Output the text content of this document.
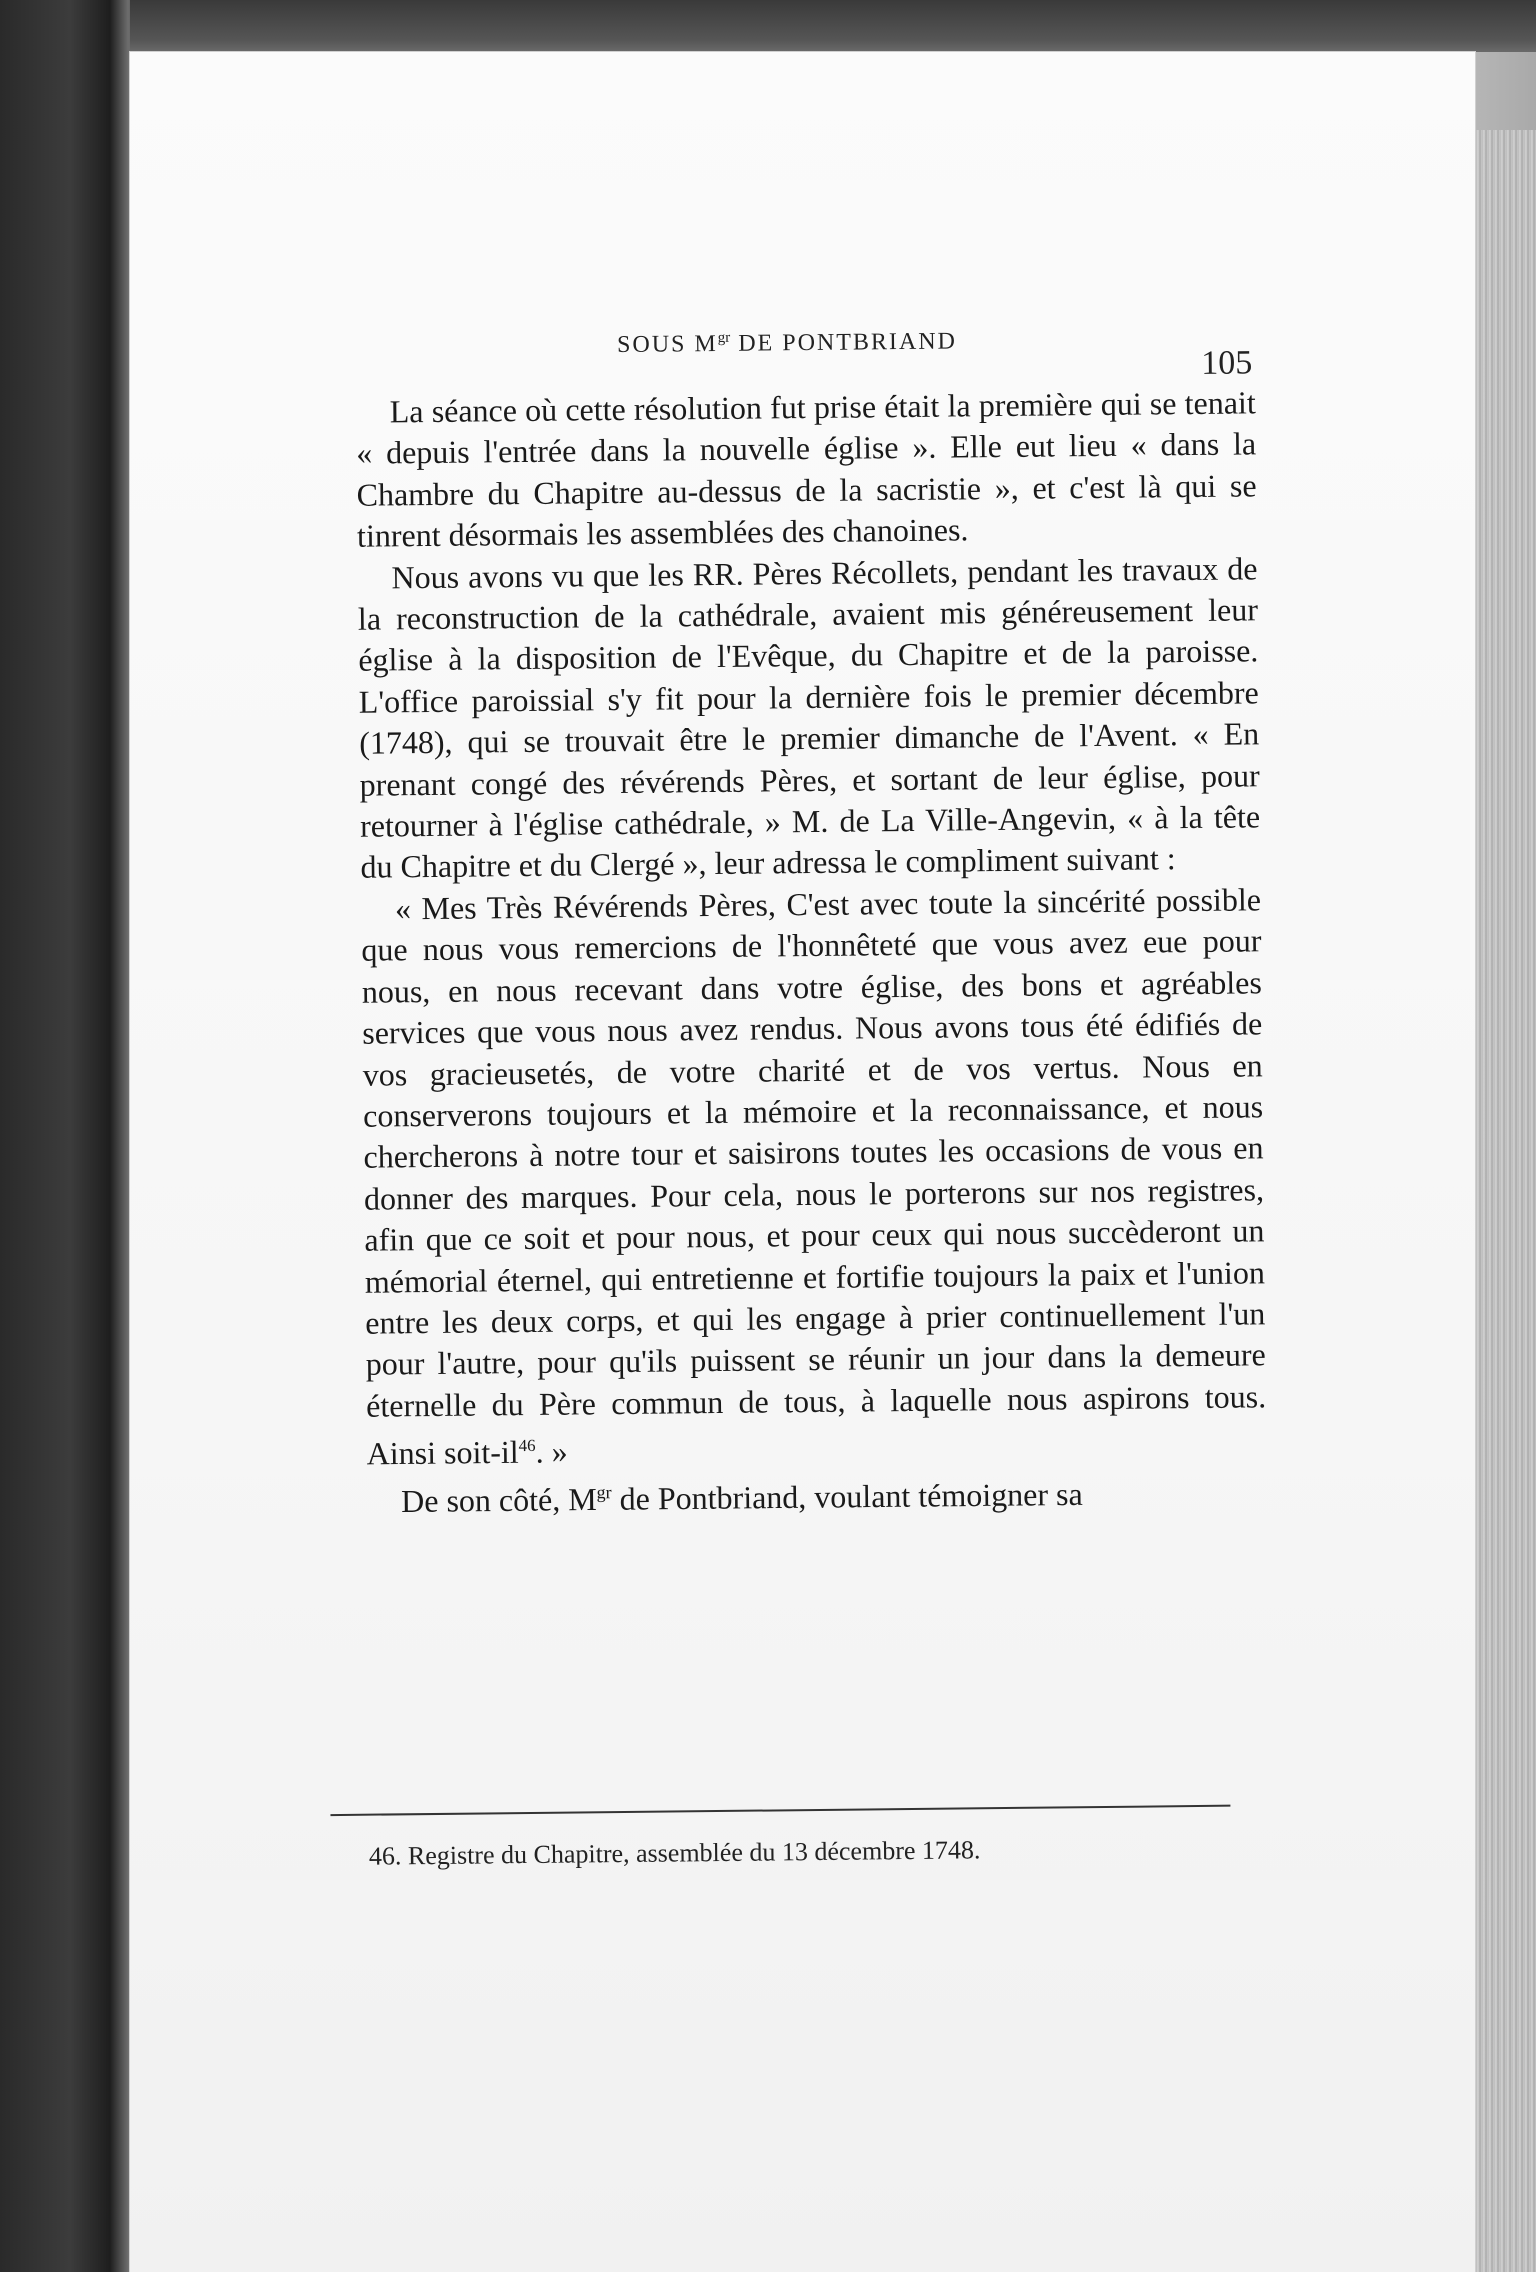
SOUS $M^{gr}$ DE PONTBRIAND
105

La séance où cette résolution fut prise était la première qui se tenait « depuis l'entrée dans la nouvelle église ». Elle eut lieu « dans la Chambre du Chapitre au-dessus de la sacristie », et c'est là qui se tinrent désormais les assemblées des chanoines.

Nous avons vu que les RR. Pères Récollets, pendant les travaux de la reconstruction de la cathédrale, avaient mis généreusement leur église à la disposition de l'Evêque, du Chapitre et de la paroisse. L'office paroissial s'y fit pour la dernière fois le premier décembre (1748), qui se trouvait être le premier dimanche de l'Avent. « En prenant congé des révérends Pères, et sortant de leur église, pour retourner à l'église cathédrale, » M. de La Ville-Angevin, « à la tête du Chapitre et du Clergé », leur adressa le compliment suivant :

« Mes Très Révérends Pères, C'est avec toute la sincérité possible que nous vous remercions de l'honnêteté que vous avez eue pour nous, en nous recevant dans votre église, des bons et agréables services que vous nous avez rendus. Nous avons tous été édifiés de vos gracieusetés, de votre charité et de vos vertus. Nous en conserverons toujours et la mémoire et la reconnaissance, et nous chercherons à notre tour et saisirons toutes les occasions de vous en donner des marques. Pour cela, nous le porterons sur nos registres, afin que ce soit et pour nous, et pour ceux qui nous succèderont un mémorial éternel, qui entretienne et fortifie toujours la paix et l'union entre les deux corps, et qui les engage à prier continuellement l'un pour l'autre, pour qu'ils puissent se réunir un jour dans la demeure éternelle du Père commun de tous, à laquelle nous aspirons tous. Ainsi soit-il$^{46}$. »

De son côté, $M^{gr}$ de Pontbriand, voulant témoigner sa

46. Registre du Chapitre, assemblée du 13 décembre 1748.
